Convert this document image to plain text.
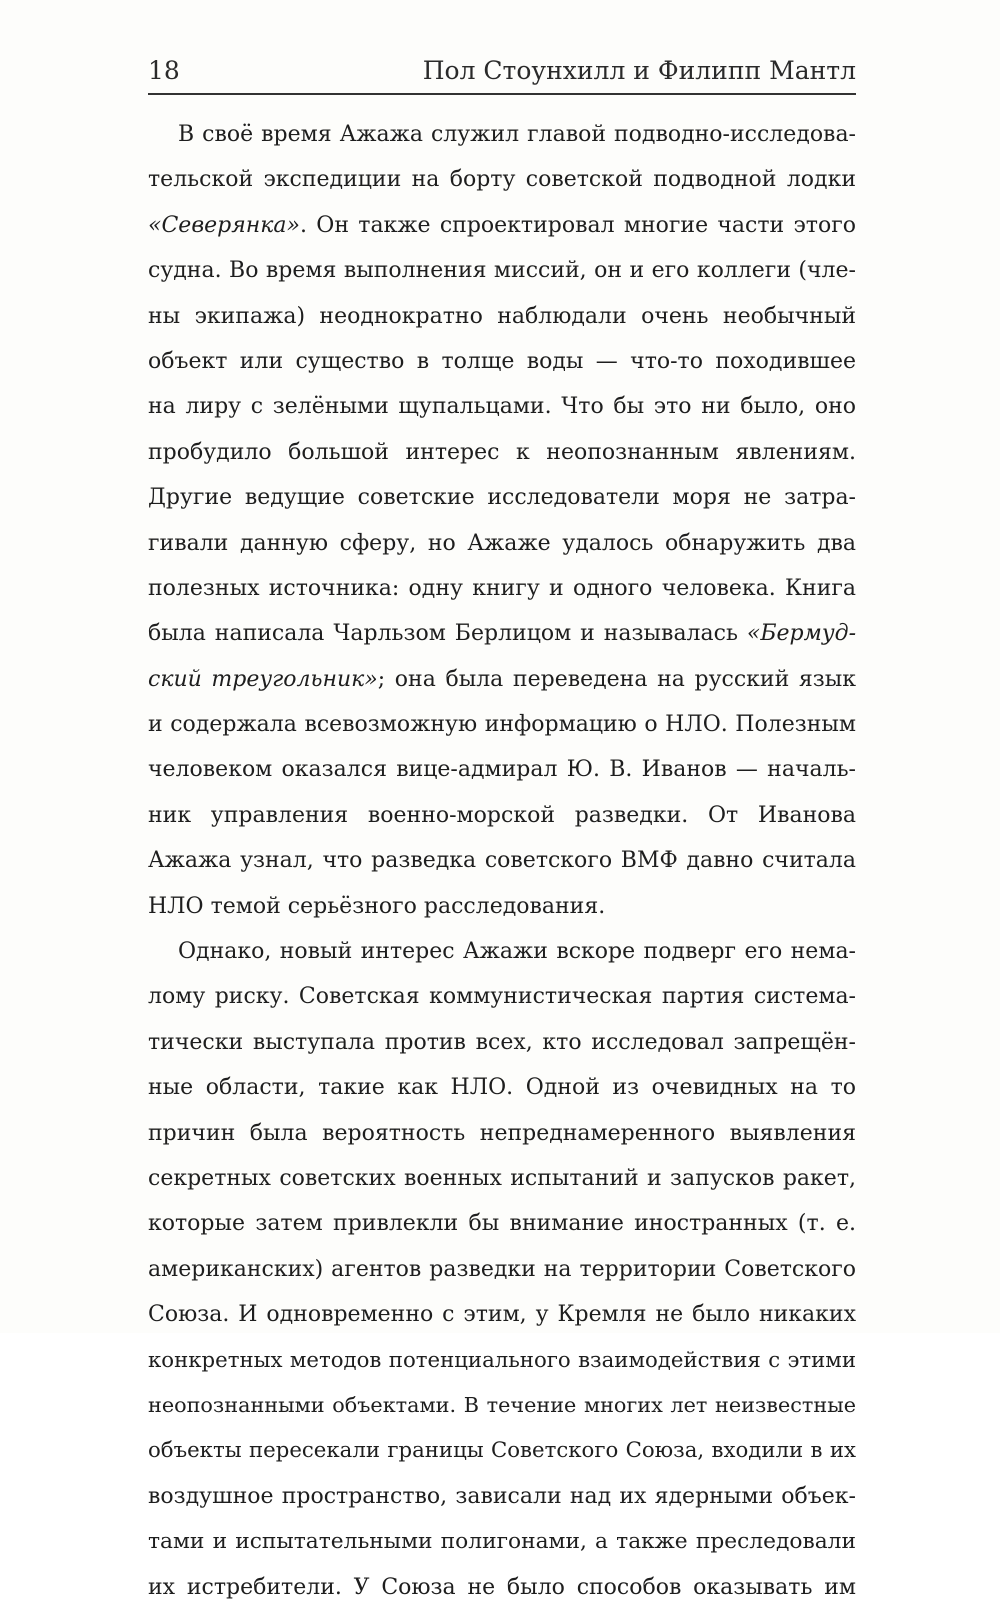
18	Пол Стоунхилл и Филипп Мантл
В своё время Ажажа служил главой подводно-исследова-
тельской экспедиции на борту советской подводной лодки
«Северянка». Он также спроектировал многие части этого
судна. Во время выполнения миссий, он и его коллеги (чле-
ны экипажа) неоднократно наблюдали очень необычный
объект или существо в толще воды — что-то походившее
на лиру с зелёными щупальцами. Что бы это ни было, оно
пробудило большой интерес к неопознанным явлениям.
Другие ведущие советские исследователи моря не затра-
гивали данную сферу, но Ажаже удалось обнаружить два
полезных источника: одну книгу и одного человека. Книга
была написала Чарльзом Берлицом и называлась «Бермуд-
ский треугольник»; она была переведена на русский язык
и содержала всевозможную информацию о НЛО. Полезным
человеком оказался вице-адмирал Ю. В. Иванов — началь-
ник управления военно-морской разведки. От Иванова
Ажажа узнал, что разведка советского ВМФ давно считала
НЛО темой серьёзного расследования.
Однако, новый интерес Ажажи вскоре подверг его нема-
лому риску. Советская коммунистическая партия система-
тически выступала против всех, кто исследовал запрещён-
ные области, такие как НЛО. Одной из очевидных на то
причин была вероятность непреднамеренного выявления
секретных советских военных испытаний и запусков ракет,
которые затем привлекли бы внимание иностранных (т. е.
американских) агентов разведки на территории Советского
Союза. И одновременно с этим, у Кремля не было никаких
конкретных методов потенциального взаимодействия с этими
неопознанными объектами. В течение многих лет неизвестные
объекты пересекали границы Советского Союза, входили в их
воздушное пространство, зависали над их ядерными объек-
тами и испытательными полигонами, а также преследовали
их истребители. У Союза не было способов оказывать им
